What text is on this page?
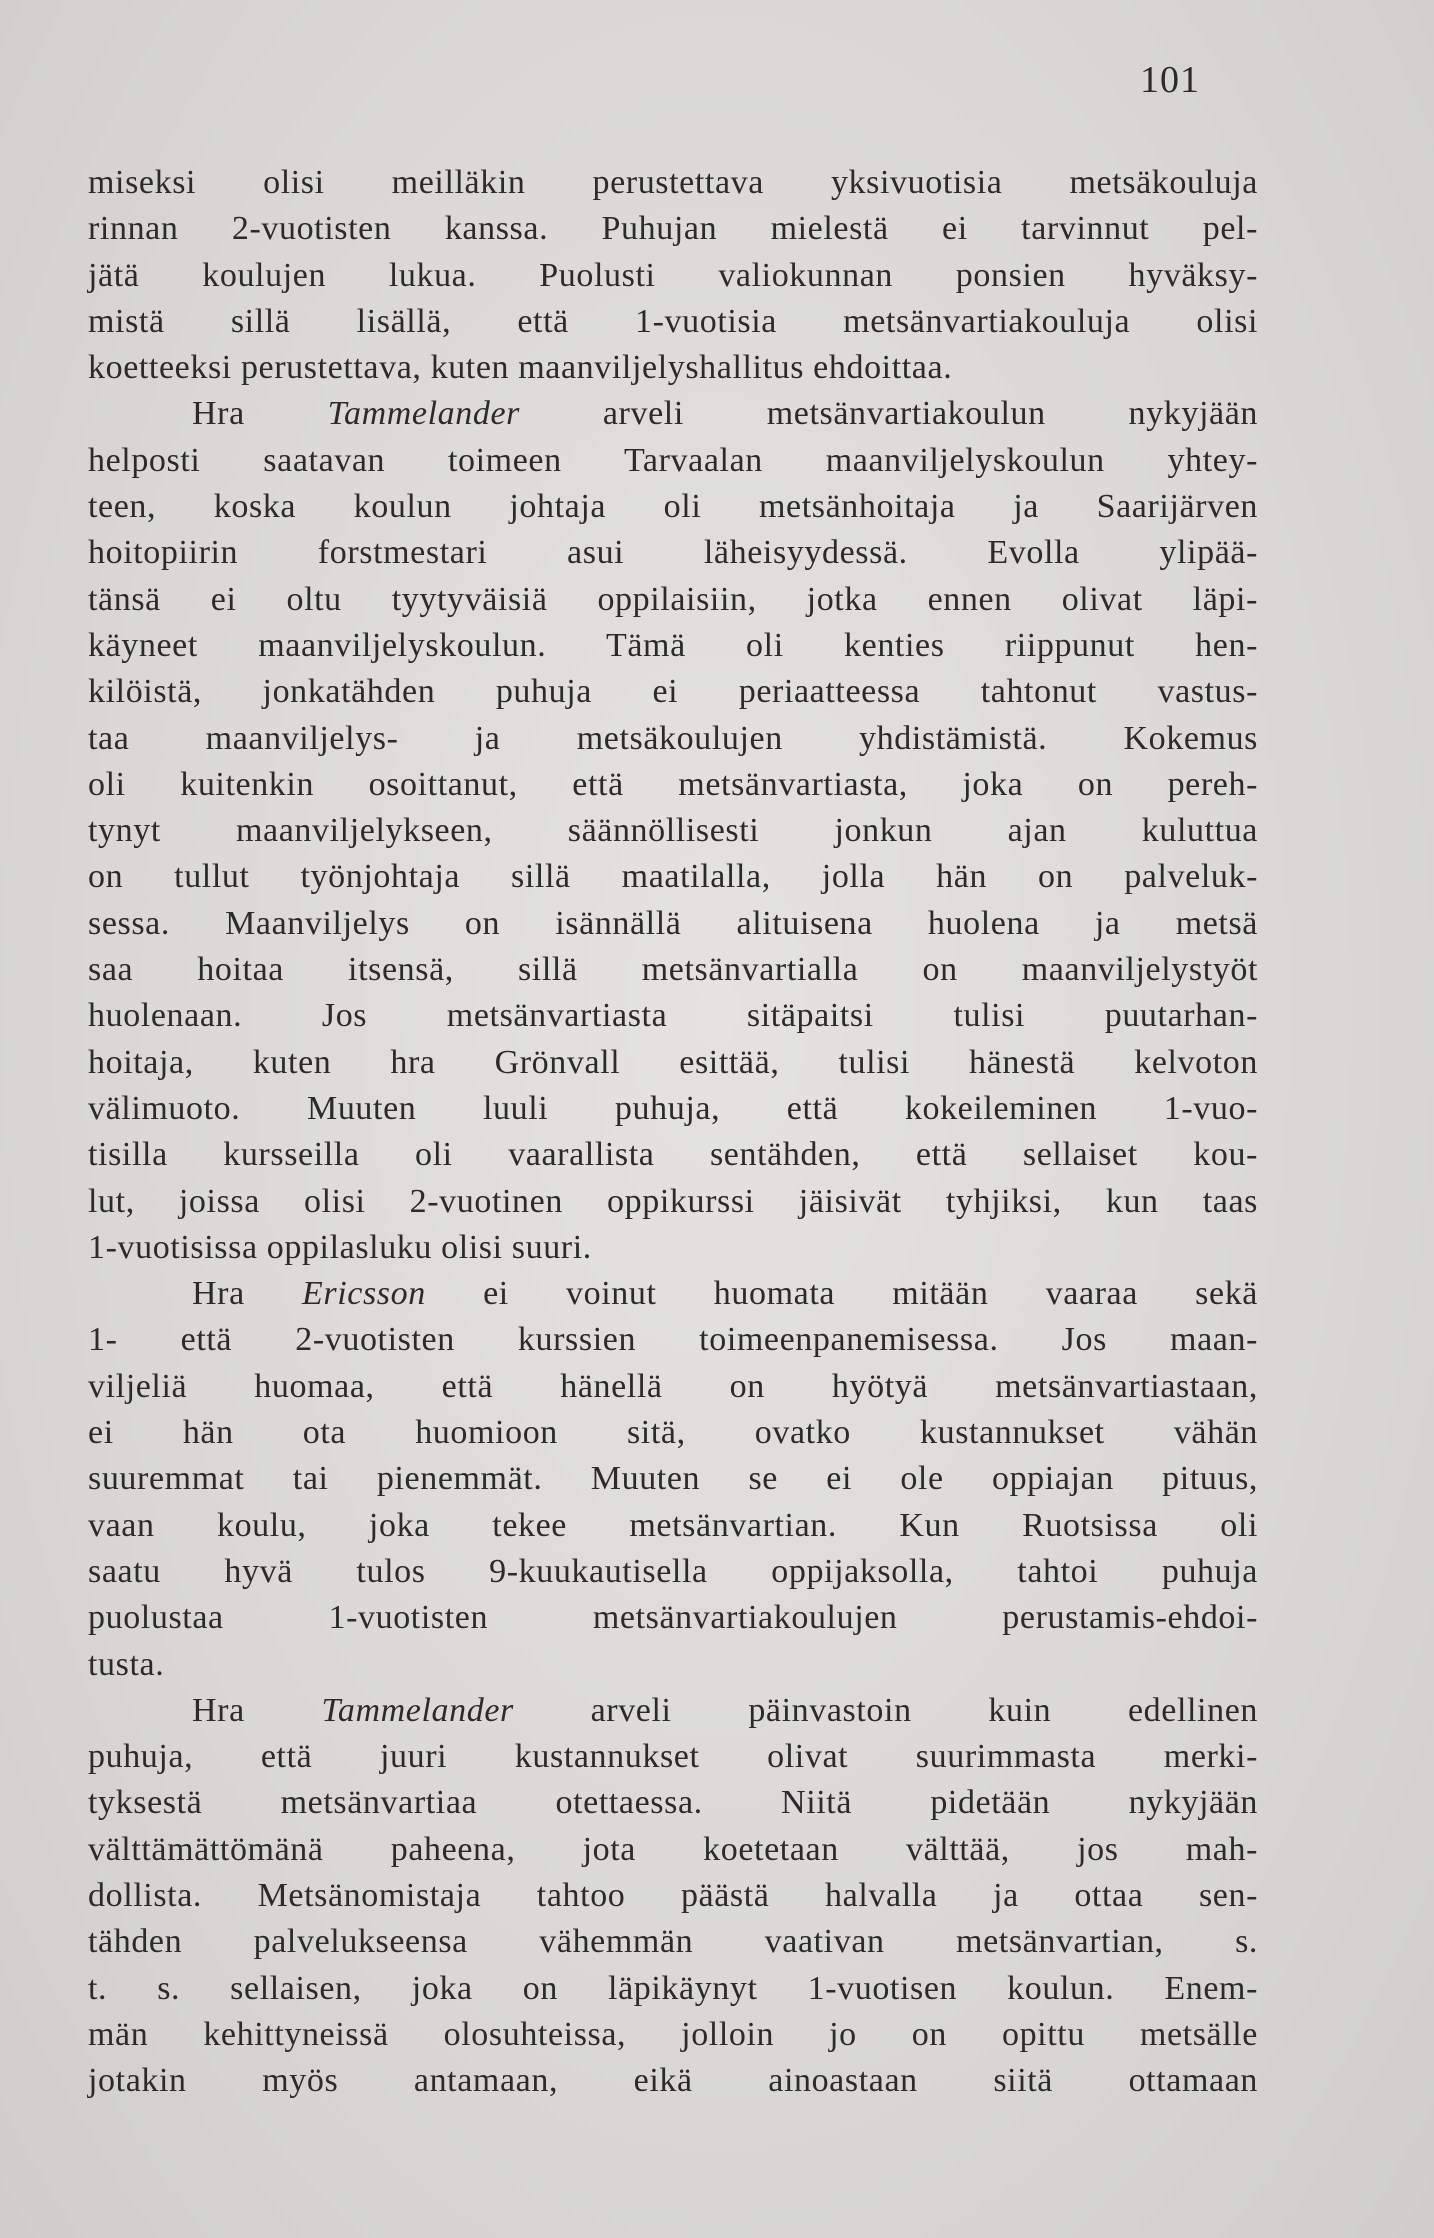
101
miseksi olisi meilläkin perustettava yksivuotisia metsäkouluja
rinnan 2-vuotisten kanssa. Puhujan mielestä ei tarvinnut pel-
jätä koulujen lukua. Puolusti valiokunnan ponsien hyväksy-
mistä sillä lisällä, että 1-vuotisia metsänvartiakouluja olisi
koetteeksi perustettava, kuten maanviljelyshallitus ehdoittaa.
Hra Tammelander arveli metsänvartiakoulun nykyjään
helposti saatavan toimeen Tarvaalan maanviljelyskoulun yhtey-
teen, koska koulun johtaja oli metsänhoitaja ja Saarijärven
hoitopiirin forstmestari asui läheisyydessä. Evolla ylipää-
tänsä ei oltu tyytyväisiä oppilaisiin, jotka ennen olivat läpi-
käyneet maanviljelyskoulun. Tämä oli kenties riippunut hen-
kilöistä, jonkatähden puhuja ei periaatteessa tahtonut vastus-
taa maanviljelys- ja metsäkoulujen yhdistämistä. Kokemus
oli kuitenkin osoittanut, että metsänvartiasta, joka on pereh-
tynyt maanviljelykseen, säännöllisesti jonkun ajan kuluttua
on tullut työnjohtaja sillä maatilalla, jolla hän on palveluk-
sessa. Maanviljelys on isännällä alituisena huolena ja metsä
saa hoitaa itsensä, sillä metsänvartialla on maanviljelystyöt
huolenaan. Jos metsänvartiasta sitäpaitsi tulisi puutarhan-
hoitaja, kuten hra Grönvall esittää, tulisi hänestä kelvoton
välimuoto. Muuten luuli puhuja, että kokeileminen 1-vuo-
tisilla kursseilla oli vaarallista sentähden, että sellaiset kou-
lut, joissa olisi 2-vuotinen oppikurssi jäisivät tyhjiksi, kun taas
1-vuotisissa oppilasluku olisi suuri.
Hra Ericsson ei voinut huomata mitään vaaraa sekä
1- että 2-vuotisten kurssien toimeenpanemisessa. Jos maan-
viljeliä huomaa, että hänellä on hyötyä metsänvartiastaan,
ei hän ota huomioon sitä, ovatko kustannukset vähän
suuremmat tai pienemmät. Muuten se ei ole oppiajan pituus,
vaan koulu, joka tekee metsänvartian. Kun Ruotsissa oli
saatu hyvä tulos 9-kuukautisella oppijaksolla, tahtoi puhuja
puolustaa 1-vuotisten metsänvartiakoulujen perustamis-ehdoi-
tusta.
Hra Tammelander arveli päinvastoin kuin edellinen
puhuja, että juuri kustannukset olivat suurimmasta merki-
tyksestä metsänvartiaa otettaessa. Niitä pidetään nykyjään
välttämättömänä paheena, jota koetetaan välttää, jos mah-
dollista. Metsänomistaja tahtoo päästä halvalla ja ottaa sen-
tähden palvelukseensa vähemmän vaativan metsänvartian, s.
t. s. sellaisen, joka on läpikäynyt 1-vuotisen koulun. Enem-
män kehittyneissä olosuhteissa, jolloin jo on opittu metsälle
jotakin myös antamaan, eikä ainoastaan siitä ottamaan
